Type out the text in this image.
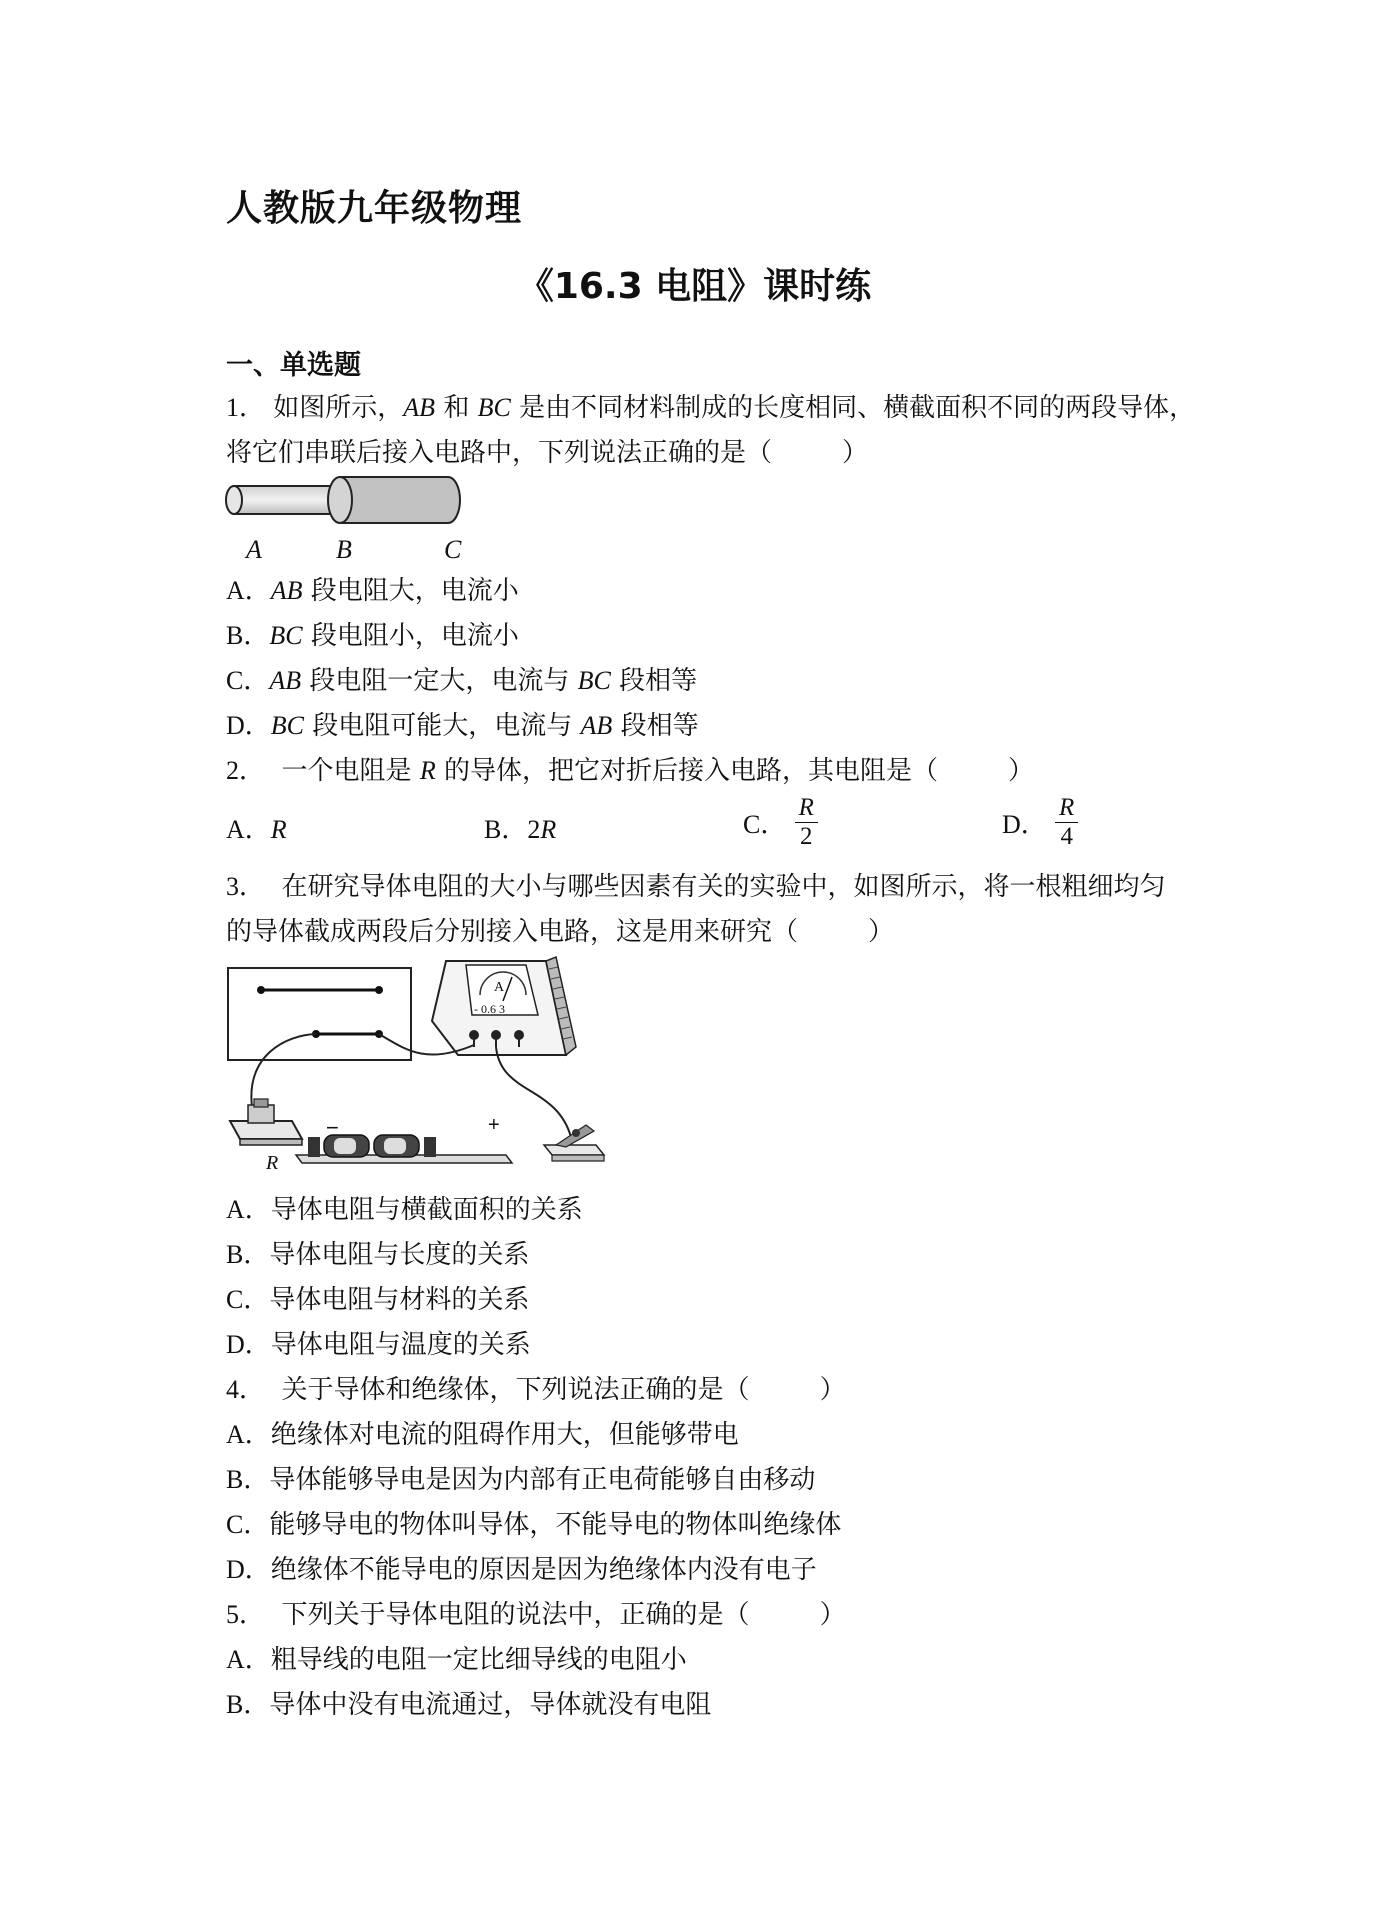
人教版九年级物理
《16.3 电阻》课时练
一、单选题
1． 如图所示，AB 和 BC 是由不同材料制成的长度相同、横截面积不同的两段导体，
将它们串联后接入电路中，下列说法正确的是（	）
A	B	C
A．AB 段电阻大，电流小
B．BC 段电阻小，电流小
C．AB 段电阻一定大，电流与 BC 段相等
D．BC 段电阻可能大，电流与 AB 段相等
2． 一个电阻是 R 的导体，把它对折后接入电路，其电阻是（	）
A．R	B．2R	C． $\frac{R}{2}$	D． $\frac{R}{4}$
3． 在研究导体电阻的大小与哪些因素有关的实验中，如图所示，将一根粗细均匀
的导体截成两段后分别接入电路，这是用来研究（	）
A
- 0.6 3
R
−	+
A．导体电阻与横截面积的关系
B．导体电阻与长度的关系
C．导体电阻与材料的关系
D．导体电阻与温度的关系
4． 关于导体和绝缘体，下列说法正确的是（	）
A．绝缘体对电流的阻碍作用大，但能够带电
B．导体能够导电是因为内部有正电荷能够自由移动
C．能够导电的物体叫导体，不能导电的物体叫绝缘体
D．绝缘体不能导电的原因是因为绝缘体内没有电子
5． 下列关于导体电阻的说法中，正确的是（	）
A．粗导线的电阻一定比细导线的电阻小
B．导体中没有电流通过，导体就没有电阻
